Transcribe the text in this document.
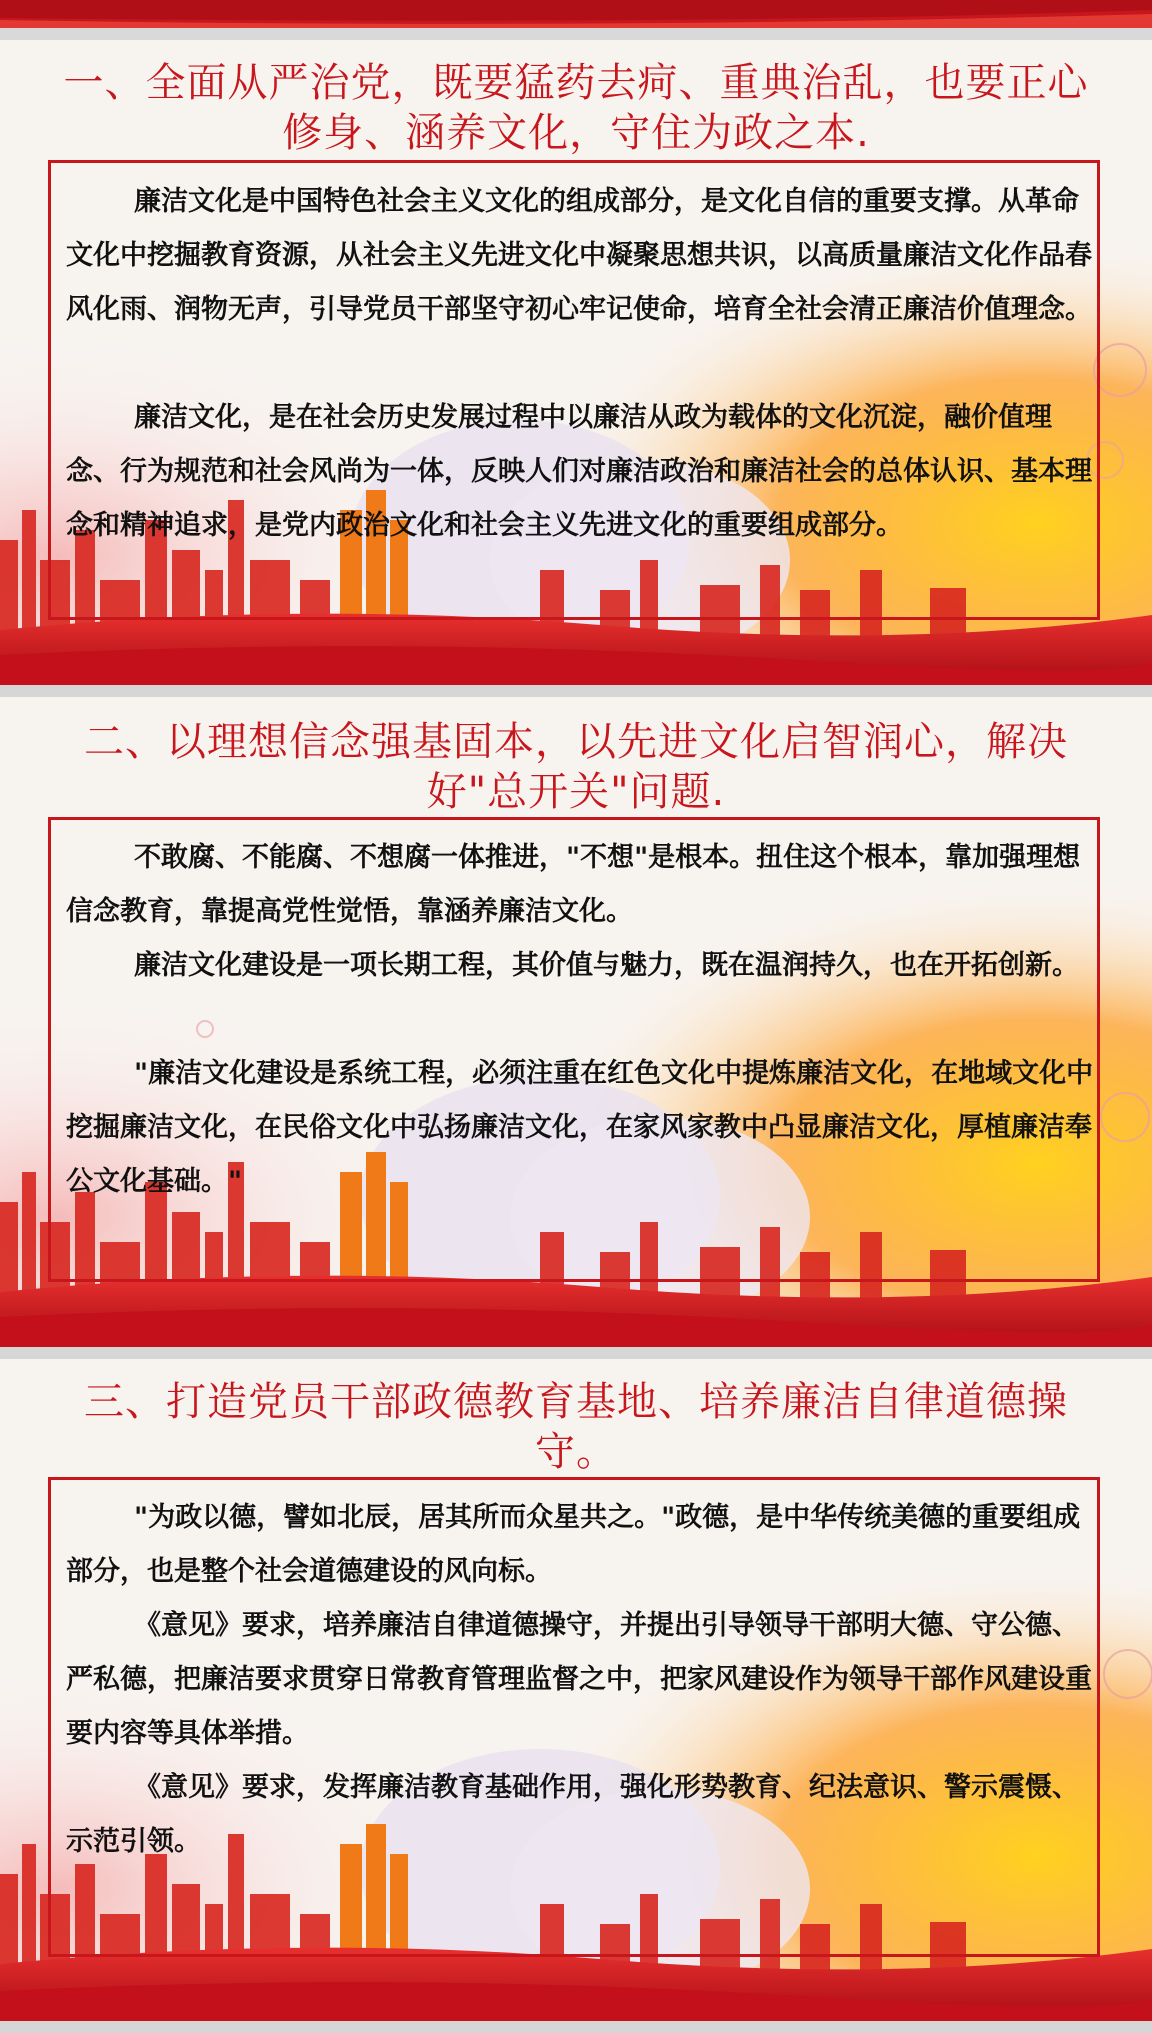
一、全面从严治党，既要猛药去疴、重典治乱，也要正心修身、涵养文化，守住为政之本.

廉洁文化是中国特色社会主义文化的组成部分，是文化自信的重要支撑。从革命文化中挖掘教育资源，从社会主义先进文化中凝聚思想共识，以高质量廉洁文化作品春风化雨、润物无声，引导党员干部坚守初心牢记使命，培育全社会清正廉洁价值理念。

廉洁文化，是在社会历史发展过程中以廉洁从政为载体的文化沉淀，融价值理念、行为规范和社会风尚为一体，反映人们对廉洁政治和廉洁社会的总体认识、基本理念和精神追求，是党内政治文化和社会主义先进文化的重要组成部分。

二、以理想信念强基固本，以先进文化启智润心，解决好"总开关"问题.

不敢腐、不能腐、不想腐一体推进，"不想"是根本。扭住这个根本，靠加强理想信念教育，靠提高党性觉悟，靠涵养廉洁文化。

廉洁文化建设是一项长期工程，其价值与魅力，既在温润持久，也在开拓创新。

"廉洁文化建设是系统工程，必须注重在红色文化中提炼廉洁文化，在地域文化中挖掘廉洁文化，在民俗文化中弘扬廉洁文化，在家风家教中凸显廉洁文化，厚植廉洁奉公文化基础。"

三、打造党员干部政德教育基地、培养廉洁自律道德操守。

"为政以德，譬如北辰，居其所而众星共之。"政德，是中华传统美德的重要组成部分，也是整个社会道德建设的风向标。

《意见》要求，培养廉洁自律道德操守，并提出引导领导干部明大德、守公德、严私德，把廉洁要求贯穿日常教育管理监督之中，把家风建设作为领导干部作风建设重要内容等具体举措。

《意见》要求，发挥廉洁教育基础作用，强化形势教育、纪法意识、警示震慑、示范引领。
